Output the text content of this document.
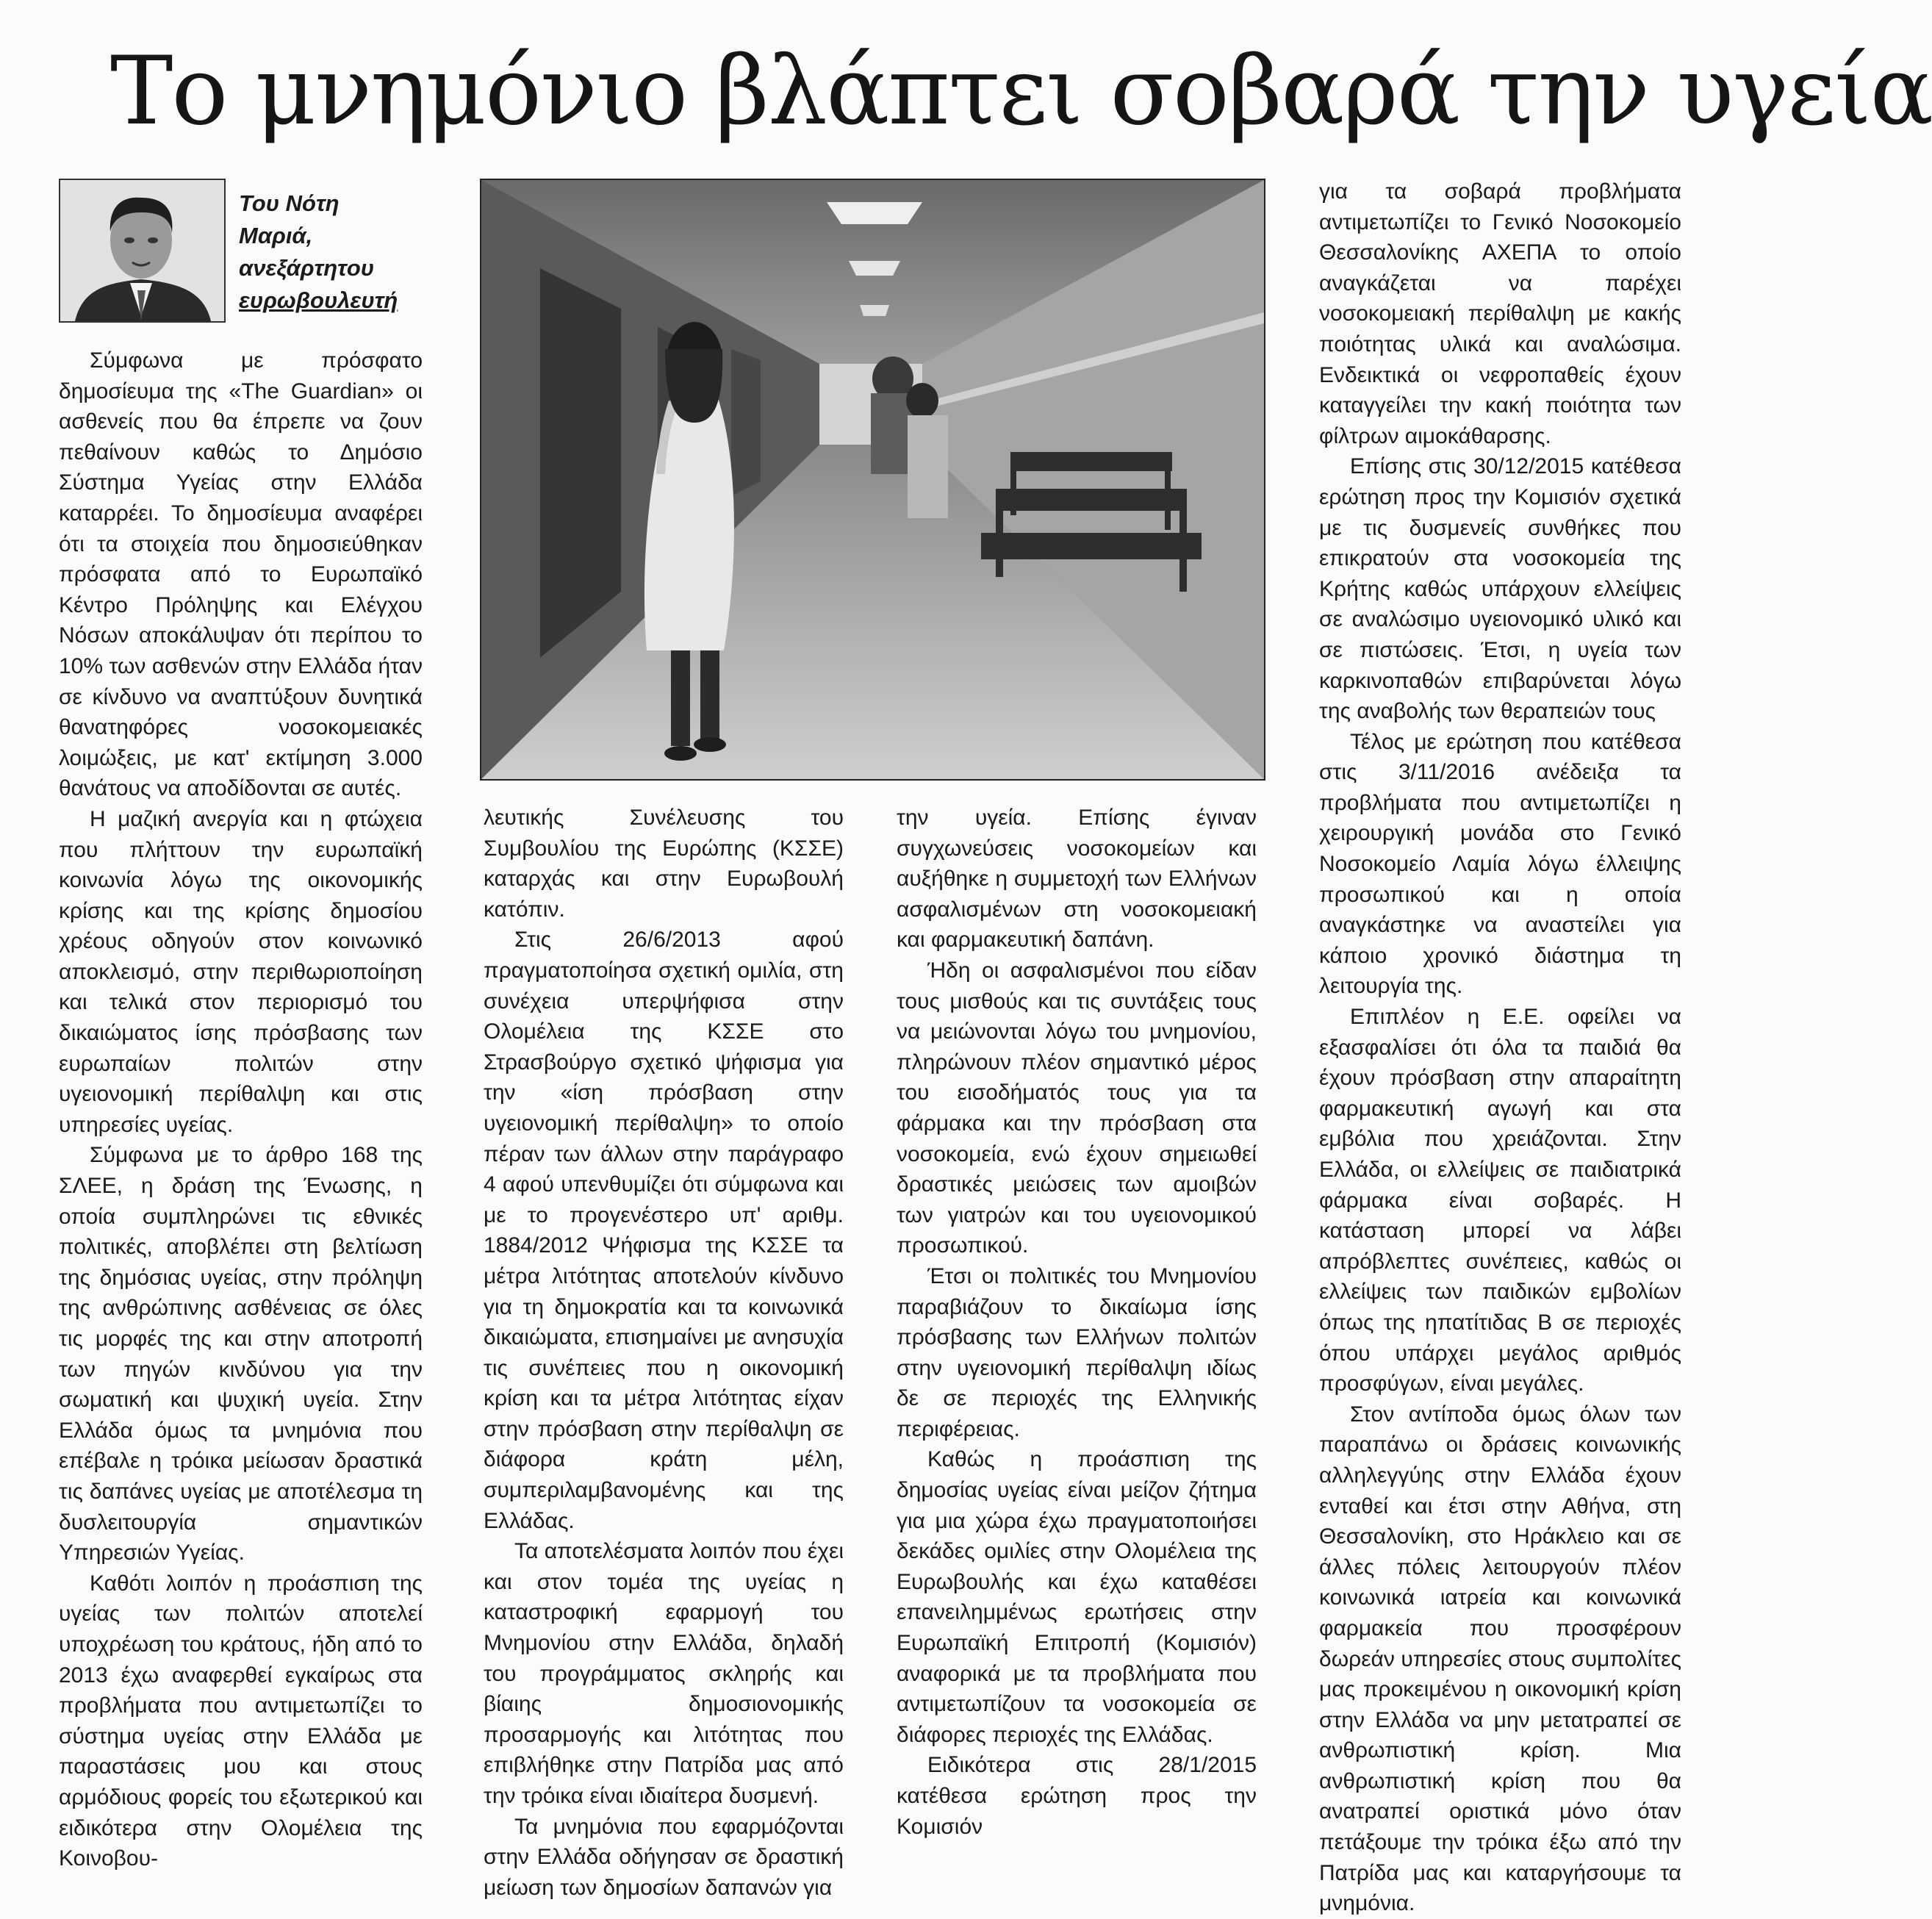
Το μνημόνιο βλάπτει σοβαρά την υγεία
Του Νότη
Μαριά,
ανεξάρτητου
ευρωβουλευτή

Σύμφωνα με πρόσφατο δημοσίευμα της «The Guardian» οι ασθενείς που θα έπρεπε να ζουν πεθαίνουν καθώς το Δημόσιο Σύστημα Υγείας στην Ελλάδα καταρρέει. Το δημοσίευμα αναφέρει ότι τα στοιχεία που δημοσιεύθηκαν πρόσφατα από το Ευρωπαϊκό Κέντρο Πρόληψης και Ελέγχου Νόσων αποκάλυψαν ότι περίπου το 10% των ασθενών στην Ελλάδα ήταν σε κίνδυνο να αναπτύξουν δυνητικά θανατηφόρες νοσοκομειακές λοιμώξεις, με κατ' εκτίμηση 3.000 θανάτους να αποδίδονται σε αυτές.

Η μαζική ανεργία και η φτώχεια που πλήττουν την ευρωπαϊκή κοινωνία λόγω της οικονομικής κρίσης και της κρίσης δημοσίου χρέους οδηγούν στον κοινωνικό αποκλεισμό, στην περιθωριοποίηση και τελικά στον περιορισμό του δικαιώματος ίσης πρόσβασης των ευρωπαίων πολιτών στην υγειονομική περίθαλψη και στις υπηρεσίες υγείας.

Σύμφωνα με το άρθρο 168 της ΣΛΕΕ, η δράση της Ένωσης, η οποία συμπληρώνει τις εθνικές πολιτικές, αποβλέπει στη βελτίωση της δημόσιας υγείας, στην πρόληψη της ανθρώπινης ασθένειας σε όλες τις μορφές της και στην αποτροπή των πηγών κινδύνου για την σωματική και ψυχική υγεία. Στην Ελλάδα όμως τα μνημόνια που επέβαλε η τρόικα μείωσαν δραστικά τις δαπάνες υγείας με αποτέλεσμα τη δυσλειτουργία σημαντικών Υπηρεσιών Υγείας.

Καθότι λοιπόν η προάσπιση της υγείας των πολιτών αποτελεί υποχρέωση του κράτους, ήδη από το 2013 έχω αναφερθεί εγκαίρως στα προβλήματα που αντιμετωπίζει το σύστημα υγείας στην Ελλάδα με παραστάσεις μου και στους αρμόδιους φορείς του εξωτερικού και ειδικότερα στην Ολομέλεια της Κοινοβου-

λευτικής Συνέλευσης του Συμβουλίου της Ευρώπης (ΚΣΣΕ) καταρχάς και στην Ευρωβουλή κατόπιν.

Στις 26/6/2013 αφού πραγματοποίησα σχετική ομιλία, στη συνέχεια υπερψήφισα στην Ολομέλεια της ΚΣΣΕ στο Στρασβούργο σχετικό ψήφισμα για την «ίση πρόσβαση στην υγειονομική περίθαλψη» το οποίο πέραν των άλλων στην παράγραφο 4 αφού υπενθυμίζει ότι σύμφωνα και με το προγενέστερο υπ' αριθμ. 1884/2012 Ψήφισμα της ΚΣΣΕ τα μέτρα λιτότητας αποτελούν κίνδυνο για τη δημοκρατία και τα κοινωνικά δικαιώματα, επισημαίνει με ανησυχία τις συνέπειες που η οικονομική κρίση και τα μέτρα λιτότητας είχαν στην πρόσβαση στην περίθαλψη σε διάφορα κράτη μέλη, συμπεριλαμβανομένης και της Ελλάδας.

Τα αποτελέσματα λοιπόν που έχει και στον τομέα της υγείας η καταστροφική εφαρμογή του Μνημονίου στην Ελλάδα, δηλαδή του προγράμματος σκληρής και βίαιης δημοσιονομικής προσαρμογής και λιτότητας που επιβλήθηκε στην Πατρίδα μας από την τρόικα είναι ιδιαίτερα δυσμενή.

Τα μνημόνια που εφαρμόζονται στην Ελλάδα οδήγησαν σε δραστική μείωση των δημοσίων δαπανών για

την υγεία. Επίσης έγιναν συγχωνεύσεις νοσοκομείων και αυξήθηκε η συμμετοχή των Ελλήνων ασφαλισμένων στη νοσοκομειακή και φαρμακευτική δαπάνη.

Ήδη οι ασφαλισμένοι που είδαν τους μισθούς και τις συντάξεις τους να μειώνονται λόγω του μνημονίου, πληρώνουν πλέον σημαντικό μέρος του εισοδήματός τους για τα φάρμακα και την πρόσβαση στα νοσοκομεία, ενώ έχουν σημειωθεί δραστικές μειώσεις των αμοιβών των γιατρών και του υγειονομικού προσωπικού.

Έτσι οι πολιτικές του Μνημονίου παραβιάζουν το δικαίωμα ίσης πρόσβασης των Ελλήνων πολιτών στην υγειονομική περίθαλψη ιδίως δε σε περιοχές της Ελληνικής περιφέρειας.

Καθώς η προάσπιση της δημοσίας υγείας είναι μείζον ζήτημα για μια χώρα έχω πραγματοποιήσει δεκάδες ομιλίες στην Ολομέλεια της Ευρωβουλής και έχω καταθέσει επανειλημμένως ερωτήσεις στην Ευρωπαϊκή Επιτροπή (Κομισιόν) αναφορικά με τα προβλήματα που αντιμετωπίζουν τα νοσοκομεία σε διάφορες περιοχές της Ελλάδας.

Ειδικότερα στις 28/1/2015 κατέθεσα ερώτηση προς την Κομισιόν

για τα σοβαρά προβλήματα αντιμετωπίζει το Γενικό Νοσοκομείο Θεσσαλονίκης ΑΧΕΠΑ το οποίο αναγκάζεται να παρέχει νοσοκομειακή περίθαλψη με κακής ποιότητας υλικά και αναλώσιμα. Ενδεικτικά οι νεφροπαθείς έχουν καταγγείλει την κακή ποιότητα των φίλτρων αιμοκάθαρσης.

Επίσης στις 30/12/2015 κατέθεσα ερώτηση προς την Κομισιόν σχετικά με τις δυσμενείς συνθήκες που επικρατούν στα νοσοκομεία της Κρήτης καθώς υπάρχουν ελλείψεις σε αναλώσιμο υγειονομικό υλικό και σε πιστώσεις. Έτσι, η υγεία των καρκινοπαθών επιβαρύνεται λόγω της αναβολής των θεραπειών τους

Τέλος με ερώτηση που κατέθεσα στις 3/11/2016 ανέδειξα τα προβλήματα που αντιμετωπίζει η χειρουργική μονάδα στο Γενικό Νοσοκομείο Λαμία λόγω έλλειψης προσωπικού και η οποία αναγκάστηκε να αναστείλει για κάποιο χρονικό διάστημα τη λειτουργία της.

Επιπλέον η Ε.Ε. οφείλει να εξασφαλίσει ότι όλα τα παιδιά θα έχουν πρόσβαση στην απαραίτητη φαρμακευτική αγωγή και στα εμβόλια που χρειάζονται. Στην Ελλάδα, οι ελλείψεις σε παιδιατρικά φάρμακα είναι σοβαρές. Η κατάσταση μπορεί να λάβει απρόβλεπτες συνέπειες, καθώς οι ελλείψεις των παιδικών εμβολίων όπως της ηπατίτιδας Β σε περιοχές όπου υπάρχει μεγάλος αριθμός προσφύγων, είναι μεγάλες.

Στον αντίποδα όμως όλων των παραπάνω οι δράσεις κοινωνικής αλληλεγγύης στην Ελλάδα έχουν ενταθεί και έτσι στην Αθήνα, στη Θεσσαλονίκη, στο Ηράκλειο και σε άλλες πόλεις λειτουργούν πλέον κοινωνικά ιατρεία και κοινωνικά φαρμακεία που προσφέρουν δωρεάν υπηρεσίες στους συμπολίτες μας προκειμένου η οικονομική κρίση στην Ελλάδα να μην μετατραπεί σε ανθρωπιστική κρίση. Μια ανθρωπιστική κρίση που θα ανατραπεί οριστικά μόνο όταν πετάξουμε την τρόικα έξω από την Πατρίδα μας και καταργήσουμε τα μνημόνια.
